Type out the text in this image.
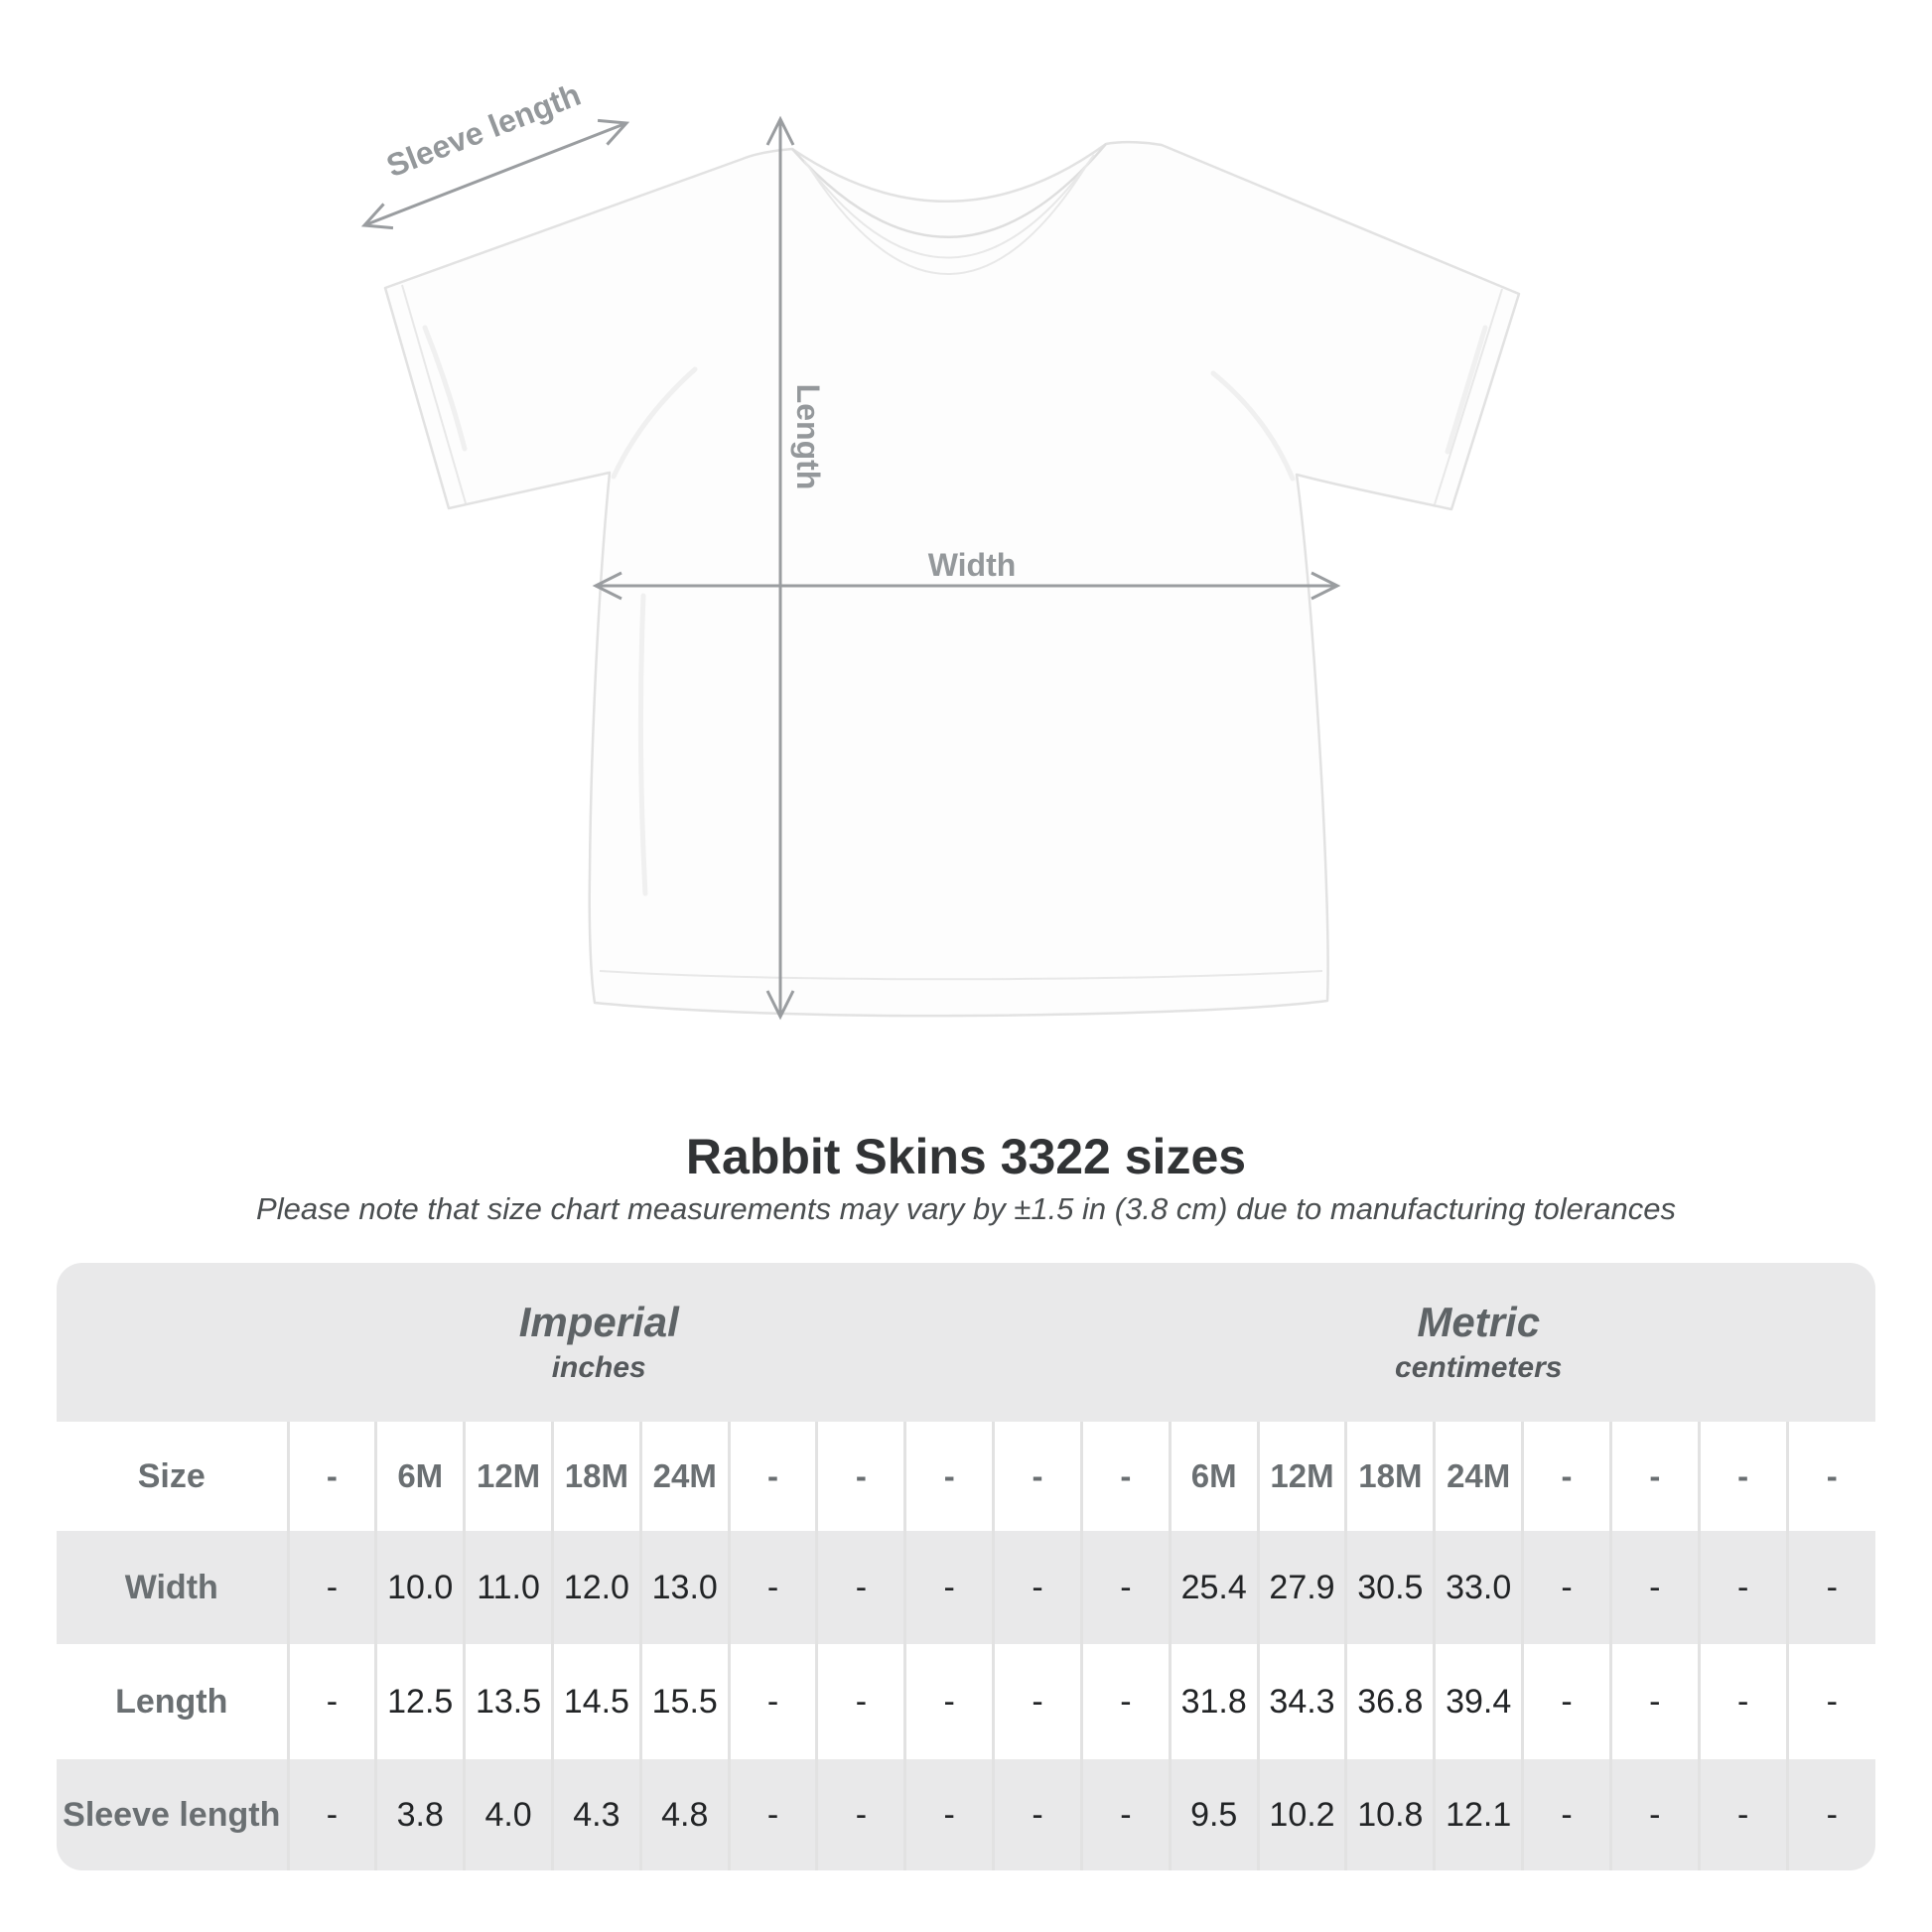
Sleeve length
Length
Width
Rabbit Skins 3322 sizes
Please note that size chart measurements may vary by ±1.5 in (3.8 cm) due to manufacturing tolerances
Imperial
inches										Metric
centimeters								

Size	-	6M	12M	18M	24M	-	-	-	-	-	6M	12M	18M	24M	-	-	-	-
Width	-	10.0	11.0	12.0	13.0	-	-	-	-	-	25.4	27.9	30.5	33.0	-	-	-	-
Length	-	12.5	13.5	14.5	15.5	-	-	-	-	-	31.8	34.3	36.8	39.4	-	-	-	-
Sleeve length	-	3.8	4.0	4.3	4.8	-	-	-	-	-	9.5	10.2	10.8	12.1	-	-	-	-
